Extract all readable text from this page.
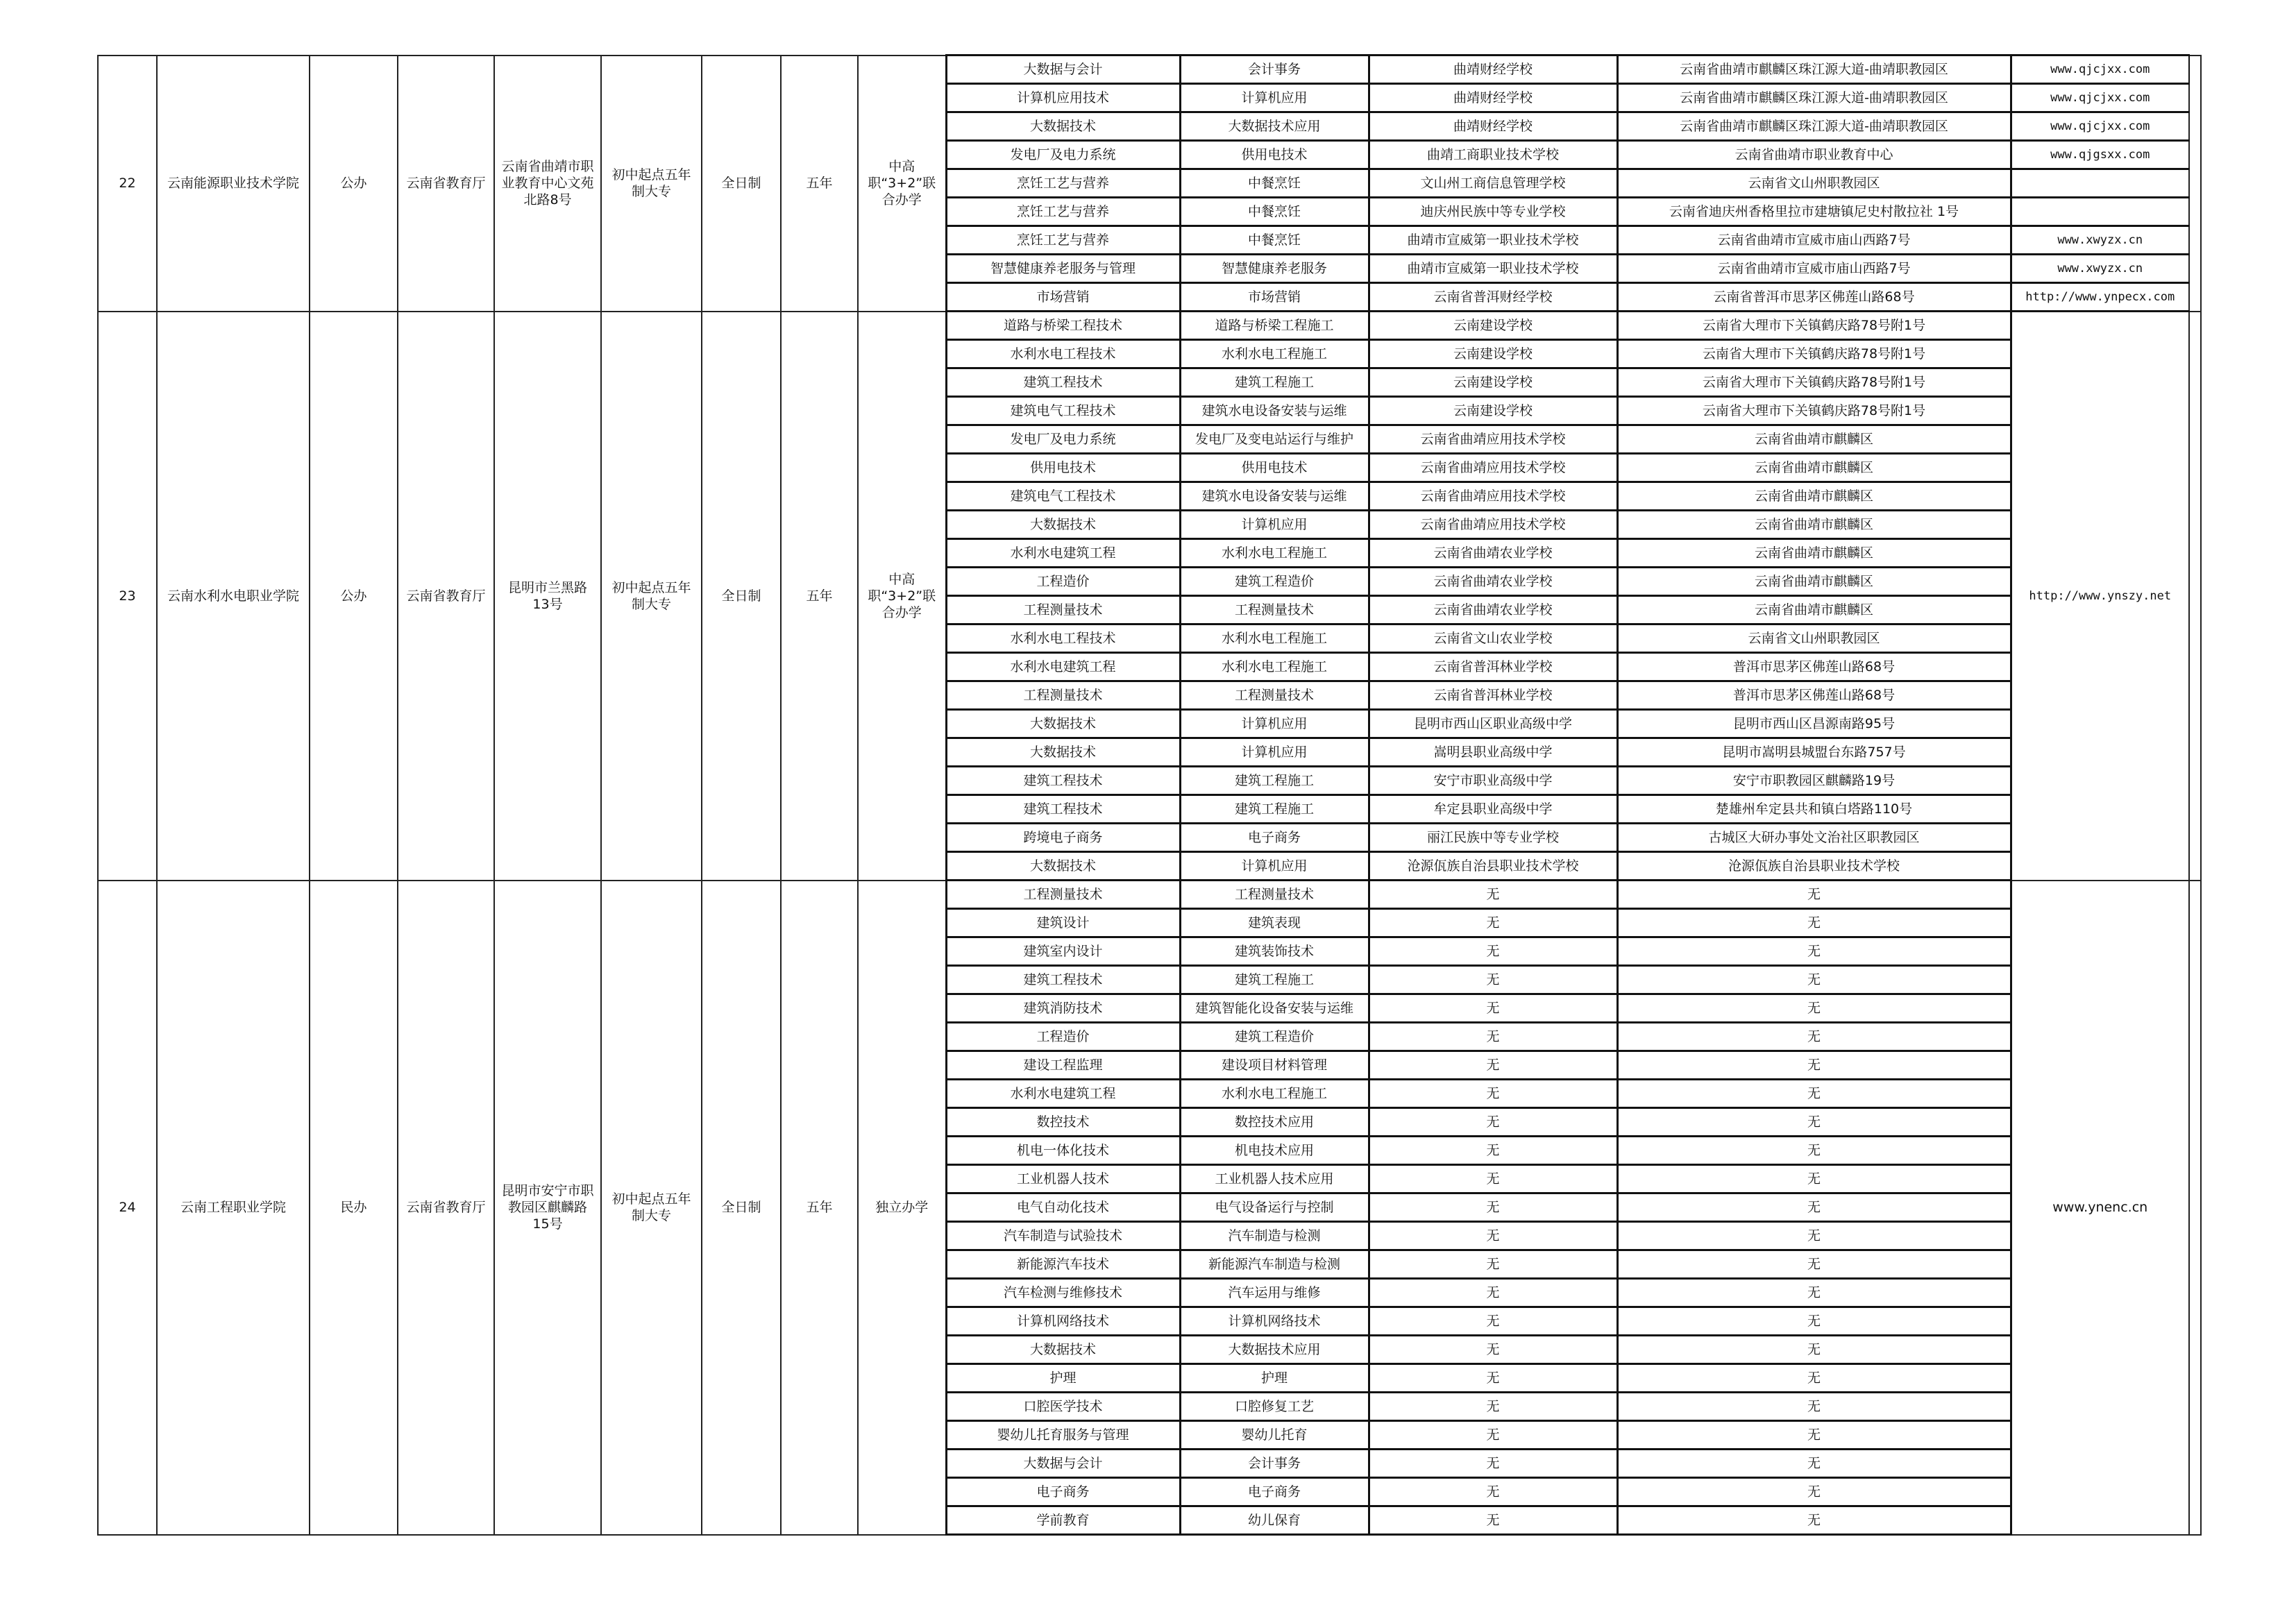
22	云南能源职业技术学院	公办	云南省教育厅	云南省曲靖市职业教育中心文苑北路8号	初中起点五年制大专	全日制	五年	中高职“3+2”联合办学	大数据与会计	会计事务	曲靖财经学校	云南省曲靖市麒麟区珠江源大道-曲靖职教园区	www.qjcjxx.com	
									计算机应用技术	计算机应用	曲靖财经学校	云南省曲靖市麒麟区珠江源大道-曲靖职教园区	www.qjcjxx.com	
									大数据技术	大数据技术应用	曲靖财经学校	云南省曲靖市麒麟区珠江源大道-曲靖职教园区	www.qjcjxx.com	
									发电厂及电力系统	供用电技术	曲靖工商职业技术学校	云南省曲靖市职业教育中心	www.qjgsxx.com	
									烹饪工艺与营养	中餐烹饪	文山州工商信息管理学校	云南省文山州职教园区		
									烹饪工艺与营养	中餐烹饪	迪庆州民族中等专业学校	云南省迪庆州香格里拉市建塘镇尼史村散拉社 1号		
									烹饪工艺与营养	中餐烹饪	曲靖市宣威第一职业技术学校	云南省曲靖市宣威市庙山西路7号	www.xwyzx.cn	
									智慧健康养老服务与管理	智慧健康养老服务	曲靖市宣威第一职业技术学校	云南省曲靖市宣威市庙山西路7号	www.xwyzx.cn	
									市场营销	市场营销	云南省普洱财经学校	云南省普洱市思茅区佛莲山路68号	http://www.ynpecx.com	

23	云南水利水电职业学院	公办	云南省教育厅	昆明市兰黑路13号	初中起点五年制大专	全日制	五年	中高职“3+2”联合办学	道路与桥梁工程技术	道路与桥梁工程施工	云南建设学校	云南省大理市下关镇鹤庆路78号附1号	http://www.ynszy.net	
									水利水电工程技术	水利水电工程施工	云南建设学校	云南省大理市下关镇鹤庆路78号附1号		
									建筑工程技术	建筑工程施工	云南建设学校	云南省大理市下关镇鹤庆路78号附1号		
									建筑电气工程技术	建筑水电设备安装与运维	云南建设学校	云南省大理市下关镇鹤庆路78号附1号		
									发电厂及电力系统	发电厂及变电站运行与维护	云南省曲靖应用技术学校	云南省曲靖市麒麟区		
									供用电技术	供用电技术	云南省曲靖应用技术学校	云南省曲靖市麒麟区		
									建筑电气工程技术	建筑水电设备安装与运维	云南省曲靖应用技术学校	云南省曲靖市麒麟区		
									大数据技术	计算机应用	云南省曲靖应用技术学校	云南省曲靖市麒麟区		
									水利水电建筑工程	水利水电工程施工	云南省曲靖农业学校	云南省曲靖市麒麟区		
									工程造价	建筑工程造价	云南省曲靖农业学校	云南省曲靖市麒麟区		
									工程测量技术	工程测量技术	云南省曲靖农业学校	云南省曲靖市麒麟区		
									水利水电工程技术	水利水电工程施工	云南省文山农业学校	云南省文山州职教园区		
									水利水电建筑工程	水利水电工程施工	云南省普洱林业学校	普洱市思茅区佛莲山路68号		
									工程测量技术	工程测量技术	云南省普洱林业学校	普洱市思茅区佛莲山路68号		
									大数据技术	计算机应用	昆明市西山区职业高级中学	昆明市西山区昌源南路95号		
									大数据技术	计算机应用	嵩明县职业高级中学	昆明市嵩明县城盟台东路757号		
									建筑工程技术	建筑工程施工	安宁市职业高级中学	安宁市职教园区麒麟路19号		
									建筑工程技术	建筑工程施工	牟定县职业高级中学	楚雄州牟定县共和镇白塔路110号		
									跨境电子商务	电子商务	丽江民族中等专业学校	古城区大研办事处文治社区职教园区		
									大数据技术	计算机应用	沧源佤族自治县职业技术学校	沧源佤族自治县职业技术学校		

24	云南工程职业学院	民办	云南省教育厅	昆明市安宁市职教园区麒麟路15号	初中起点五年制大专	全日制	五年	独立办学	工程测量技术	工程测量技术	无	无	www.ynenc.cn	
									建筑设计	建筑表现	无	无		
									建筑室内设计	建筑装饰技术	无	无		
									建筑工程技术	建筑工程施工	无	无		
									建筑消防技术	建筑智能化设备安装与运维	无	无		
									工程造价	建筑工程造价	无	无		
									建设工程监理	建设项目材料管理	无	无		
									水利水电建筑工程	水利水电工程施工	无	无		
									数控技术	数控技术应用	无	无		
									机电一体化技术	机电技术应用	无	无		
									工业机器人技术	工业机器人技术应用	无	无		
									电气自动化技术	电气设备运行与控制	无	无		
									汽车制造与试验技术	汽车制造与检测	无	无		
									新能源汽车技术	新能源汽车制造与检测	无	无		
									汽车检测与维修技术	汽车运用与维修	无	无		
									计算机网络技术	计算机网络技术	无	无		
									大数据技术	大数据技术应用	无	无		
									护理	护理	无	无		
									口腔医学技术	口腔修复工艺	无	无		
									婴幼儿托育服务与管理	婴幼儿托育	无	无		
									大数据与会计	会计事务	无	无		
									电子商务	电子商务	无	无		
									学前教育	幼儿保育	无	无		
